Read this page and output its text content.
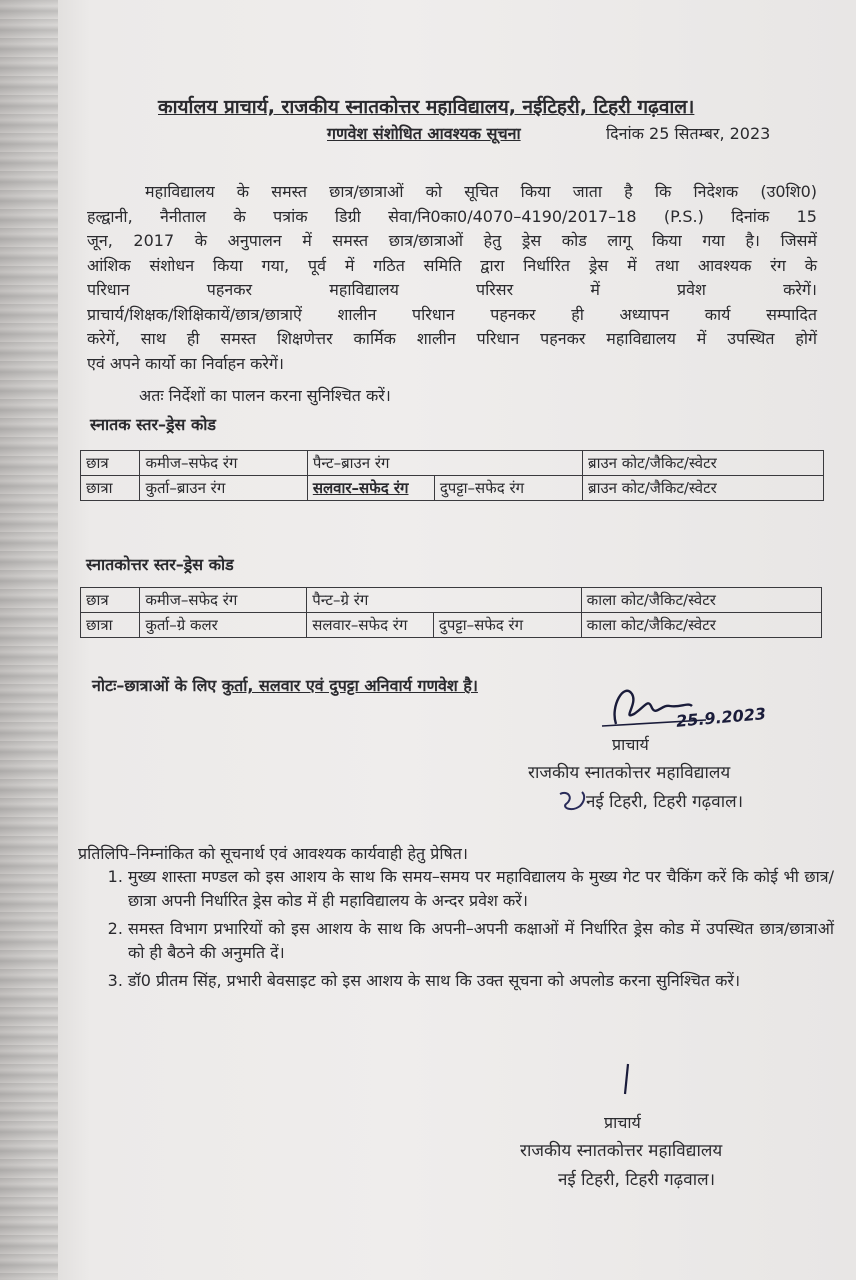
कार्यालय प्राचार्य, राजकीय स्नातकोत्तर महाविद्यालय, नईटिहरी, टिहरी गढ़वाल।
गणवेश संशोधित आवश्यक सूचना	दिनांक 25 सितम्बर, 2023
महाविद्यालय के समस्त छात्र/छात्राओं को सूचित किया जाता है कि निदेशक (उ0शि0)
हल्द्वानी, नैनीताल के पत्रांक डिग्री सेवा/नि0का0/4070–4190/2017–18 (P.S.) दिनांक 15
जून, 2017 के अनुपालन में समस्त छात्र/छात्राओं हेतु ड्रेस कोड लागू किया गया है। जिसमें
आंशिक संशोधन किया गया, पूर्व में गठित समिति द्वारा निर्धारित ड्रेस में तथा आवश्यक रंग के
परिधान पहनकर महाविद्यालय परिसर में प्रवेश करेगें।
प्राचार्य/शिक्षक/शिक्षिकायें/छात्र/छात्राऐं शालीन परिधान पहनकर ही अध्यापन कार्य सम्पादित
करेगें, साथ ही समस्त शिक्षणेत्तर कार्मिक शालीन परिधान पहनकर महाविद्यालय में उपस्थित होगें
एवं अपने कार्यो का निर्वाहन करेगें।
अतः निर्देशों का पालन करना सुनिश्चित करें।
स्नातक स्तर–ड्रेस कोड
छात्र	कमीज–सफेद रंग	पैन्ट–ब्राउन रंग		ब्राउन कोट/जैकिट/स्वेटर
छात्रा	कुर्ता–ब्राउन रंग	सलवार–सफेद रंग	दुपट्टा–सफेद रंग	ब्राउन कोट/जैकिट/स्वेटर
स्नातकोत्तर स्तर–ड्रेस कोड
छात्र	कमीज–सफेद रंग	पैन्ट–ग्रे रंग		काला कोट/जैकिट/स्वेटर
छात्रा	कुर्ता–ग्रे कलर	सलवार–सफेद रंग	दुपट्टा–सफेद रंग	काला कोट/जैकिट/स्वेटर
नोटः–छात्राओं के लिए कुर्ता, सलवार एवं दुपट्टा अनिवार्य गणवेश है।
25.9.2023
प्राचार्य
राजकीय स्नातकोत्तर महाविद्यालय
नई टिहरी, टिहरी गढ़वाल।
प्रतिलिपि–निम्नांकित को सूचनार्थ एवं आवश्यक कार्यवाही हेतु प्रेषित।
1. मुख्य शास्ता मण्डल को इस आशय के साथ कि समय–समय पर महाविद्यालय के मुख्य गेट पर चैकिंग करें कि कोई भी छात्र/छात्रा अपनी निर्धारित ड्रेस कोड में ही महाविद्यालय के अन्दर प्रवेश करें।
2. समस्त विभाग प्रभारियों को इस आशय के साथ कि अपनी–अपनी कक्षाओं में निर्धारित ड्रेस कोड में उपस्थित छात्र/छात्राओं को ही बैठने की अनुमति दें।
3. डॉ0 प्रीतम सिंह, प्रभारी बेवसाइट को इस आशय के साथ कि उक्त सूचना को अपलोड करना सुनिश्चित करें।
प्राचार्य
राजकीय स्नातकोत्तर महाविद्यालय
नई टिहरी, टिहरी गढ़वाल।
